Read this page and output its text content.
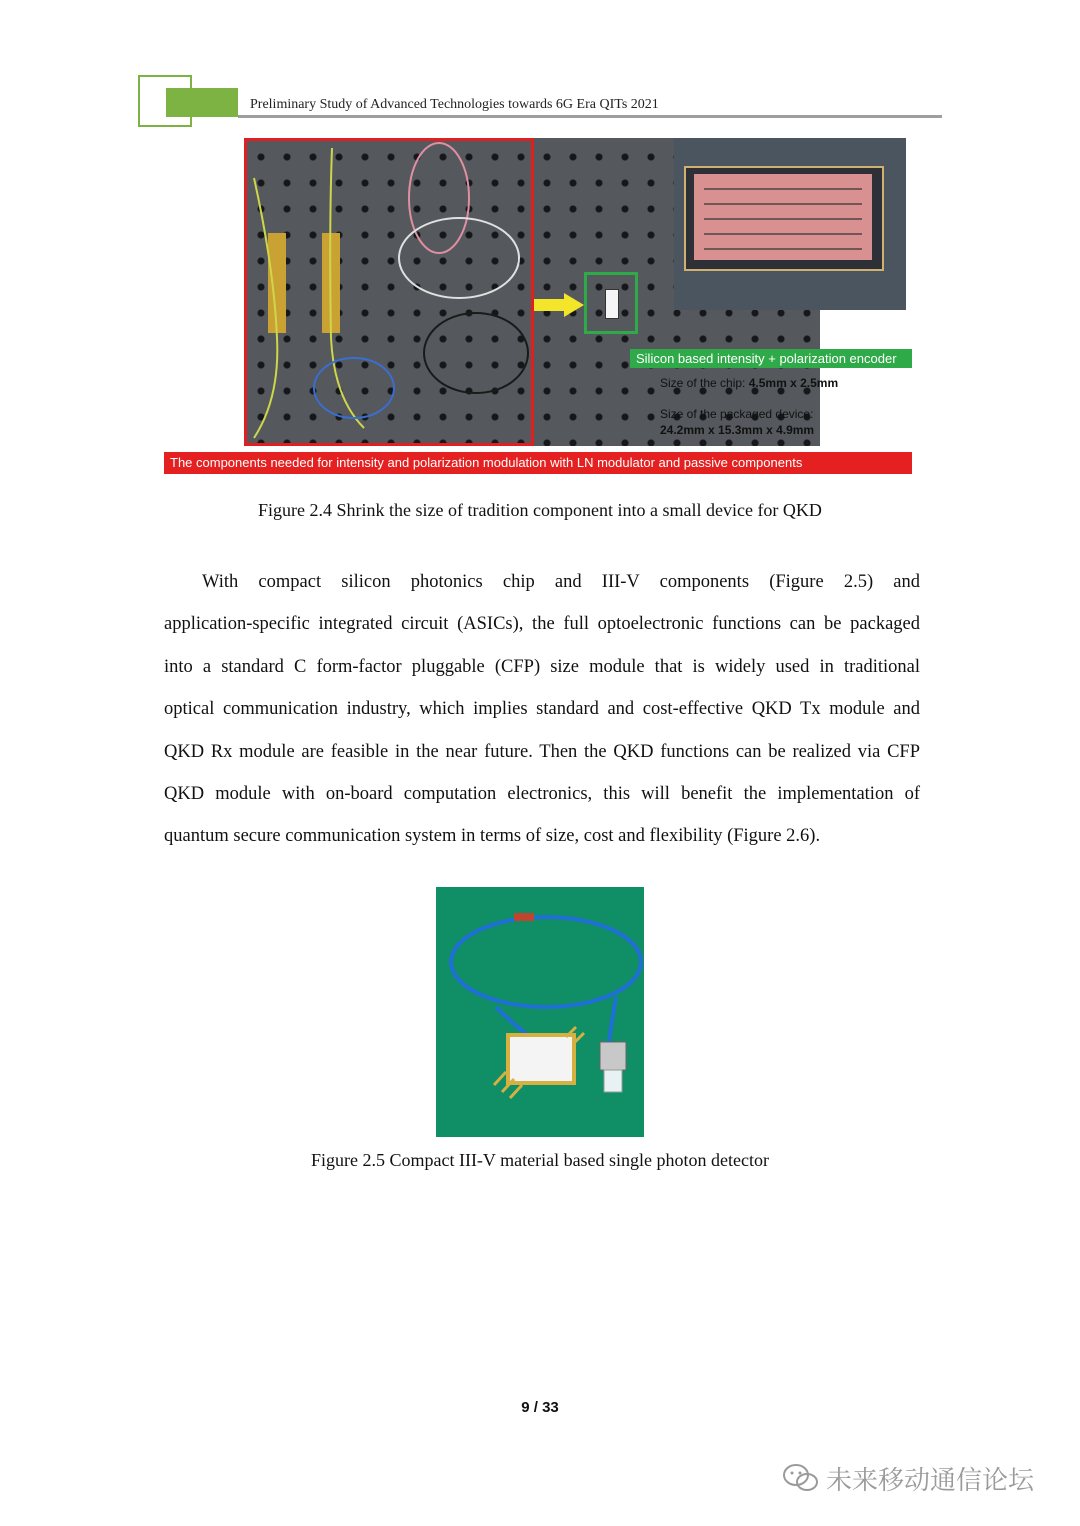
Preliminary Study of Advanced Technologies towards 6G Era QITs 2021
Silicon based intensity + polarization encoder
Size of the chip: 4.5mm x 2.5mm
Size of the packaged device:
24.2mm x 15.3mm x 4.9mm
The components needed for intensity and polarization modulation with LN modulator and passive components
Figure 2.4 Shrink the size of tradition component into a small device for QKD
With compact silicon photonics chip and III-V components (Figure 2.5) and
application-specific integrated circuit (ASICs), the full optoelectronic functions can be packaged
into a standard C form-factor pluggable (CFP) size module that is widely used in traditional
optical communication industry, which implies standard and cost-effective QKD Tx module and
QKD Rx module are feasible in the near future. Then the QKD functions can be realized via CFP
QKD module with on-board computation electronics, this will benefit the implementation of
quantum secure communication system in terms of size, cost and flexibility (Figure 2.6).
Figure 2.5 Compact III-V material based single photon detector
9 / 33
未来移动通信论坛
